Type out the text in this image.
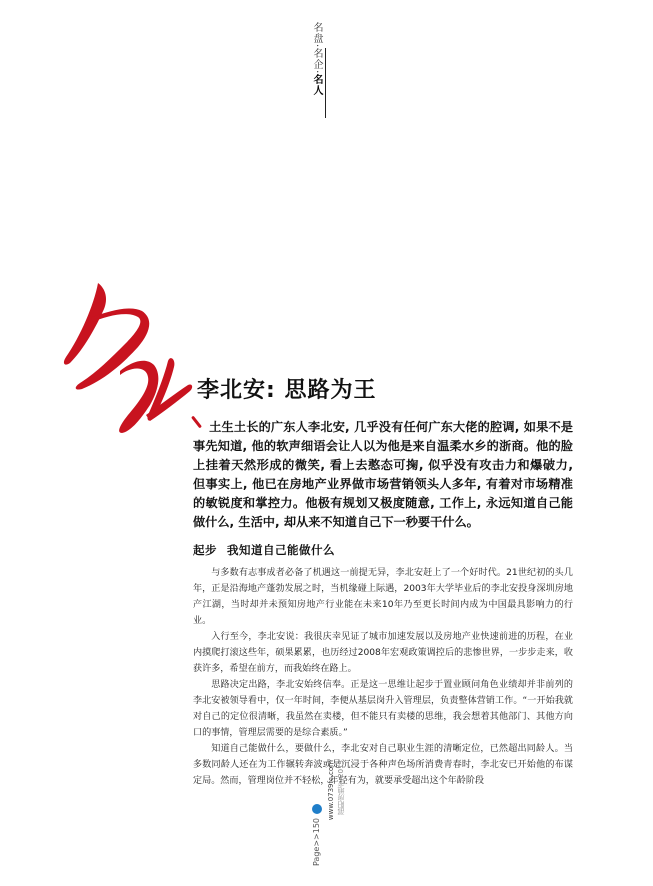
名盘·名企·名人
李北安: 思路为王

土生土长的广东人李北安, 几乎没有任何广东大佬的腔调, 如果不是事先知道, 他的软声细语会让人以为他是来自温柔水乡的浙商。他的脸上挂着天然形成的微笑, 看上去憨态可掬, 似乎没有攻击力和爆破力, 但事实上, 他已在房地产业界做市场营销领头人多年, 有着对市场精准的敏锐度和掌控力。他极有规划又极度随意, 工作上, 永远知道自己能做什么, 生活中, 却从来不知道自己下一秒要干什么。

起步 我知道自己能做什么

与多数有志事成者必备了机遇这一前提无异，李北安赶上了一个好时代。21世纪初的头几年，正是沿海地产蓬勃发展之时，当机缘碰上际遇，2003年大学毕业后的李北安投身深圳房地产江湖，当时却并未预知房地产行业能在未来10年乃至更长时间内成为中国最具影响力的行业。

入行至今，李北安说：我很庆幸见证了城市加速发展以及房地产业快速前进的历程，在业内摸爬打滚这些年，硕果累累，也历经过2008年宏观政策调控后的悲惨世界，一步步走来，收获许多，希望在前方，而我始终在路上。

思路决定出路，李北安始终信奉。正是这一思维让起步于置业顾问角色业绩却并非前列的李北安被领导看中，仅一年时间，李便从基层岗升入管理层，负责整体营销工作。“一开始我就对自己的定位很清晰，我虽然在卖楼，但不能只有卖楼的思维，我会想着其他部门、其他方向口的事情，管理层需要的是综合素质。”

知道自己能做什么，要做什么，李北安对自己职业生涯的清晰定位，已然超出同龄人。当多数同龄人还在为工作辗转奔波或是沉浸于各种声色场所消费青春时，李北安已开始他的布谋定局。然而，管理岗位并不轻松，年轻有为，就要承受超出这个年龄阶段

Page>>150
www.0739fc.com 邵阳房地产 2013
